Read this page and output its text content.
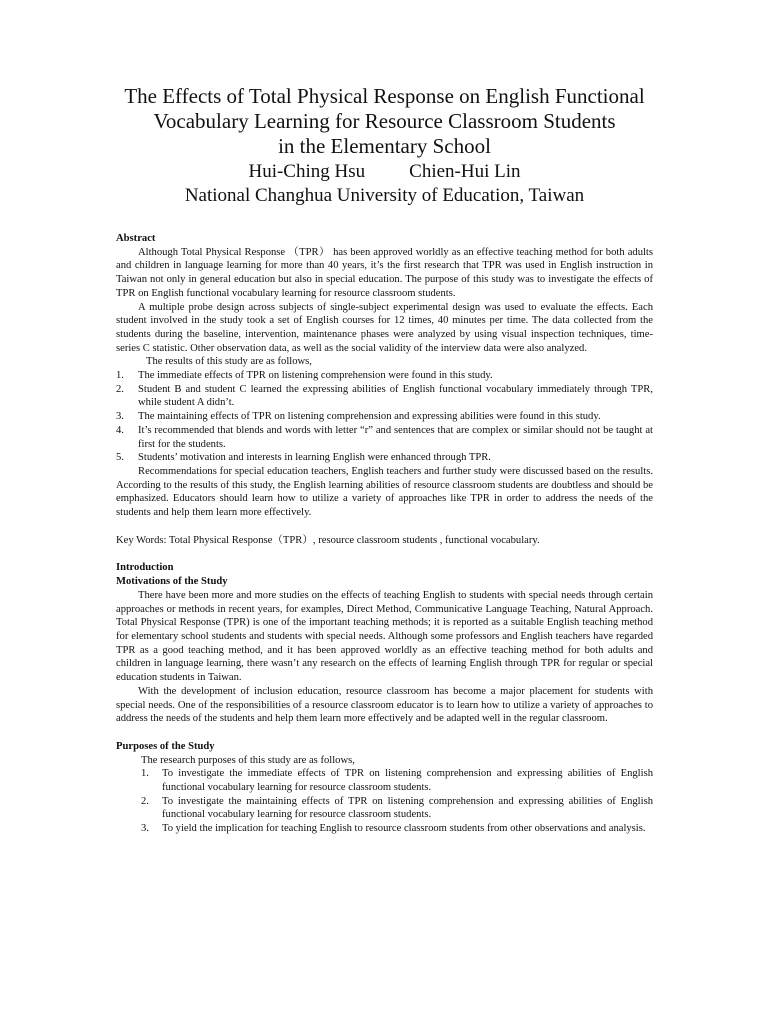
The Effects of Total Physical Response on English Functional
Vocabulary Learning for Resource Classroom Students
in the Elementary School
Hui-Ching Hsu Chien-Hui Lin
National Changhua University of Education, Taiwan
Abstract

Although Total Physical Response （TPR） has been approved worldly as an effective teaching method for both adults and children in language learning for more than 40 years, it’s the first research that TPR was used in English instruction in Taiwan not only in general education but also in special education. The purpose of this study was to investigate the effects of TPR on English functional vocabulary learning for resource classroom students.

A multiple probe design across subjects of single-subject experimental design was used to evaluate the effects. Each student involved in the study took a set of English courses for 12 times, 40 minutes per time. The data collected from the students during the baseline, intervention, maintenance phases were analyzed by using visual inspection techniques, time-series C statistic. Other observation data, as well as the social validity of the interview data were also analyzed.

The results of this study are as follows,

1. The immediate effects of TPR on listening comprehension were found in this study.
2. Student B and student C learned the expressing abilities of English functional vocabulary immediately through TPR, while student A didn’t.
3. The maintaining effects of TPR on listening comprehension and expressing abilities were found in this study.
4. It’s recommended that blends and words with letter “r” and sentences that are complex or similar should not be taught at first for the students.
5. Students’ motivation and interests in learning English were enhanced through TPR.

Recommendations for special education teachers, English teachers and further study were discussed based on the results. According to the results of this study, the English learning abilities of resource classroom students are doubtless and should be emphasized. Educators should learn how to utilize a variety of approaches like TPR in order to address the needs of the students and help them learn more effectively.

Key Words: Total Physical Response（TPR）, resource classroom students , functional vocabulary.

Introduction
Motivations of the Study

There have been more and more studies on the effects of teaching English to students with special needs through certain approaches or methods in recent years, for examples, Direct Method, Communicative Language Teaching, Natural Approach. Total Physical Response (TPR) is one of the important teaching methods; it is reported as a suitable English teaching method for elementary school students and students with special needs. Although some professors and English teachers have regarded TPR as a good teaching method, and it has been approved worldly as an effective teaching method for both adults and children in language learning, there wasn’t any research on the effects of learning English through TPR for regular or special education students in Taiwan.

With the development of inclusion education, resource classroom has become a major placement for students with special needs. One of the responsibilities of a resource classroom educator is to learn how to utilize a variety of approaches to address the needs of the students and help them learn more effectively and be adapted well in the regular classroom.

Purposes of the Study

The research purposes of this study are as follows,

1. To investigate the immediate effects of TPR on listening comprehension and expressing abilities of English functional vocabulary learning for resource classroom students.
2. To investigate the maintaining effects of TPR on listening comprehension and expressing abilities of English functional vocabulary learning for resource classroom students.
3. To yield the implication for teaching English to resource classroom students from other observations and analysis.
